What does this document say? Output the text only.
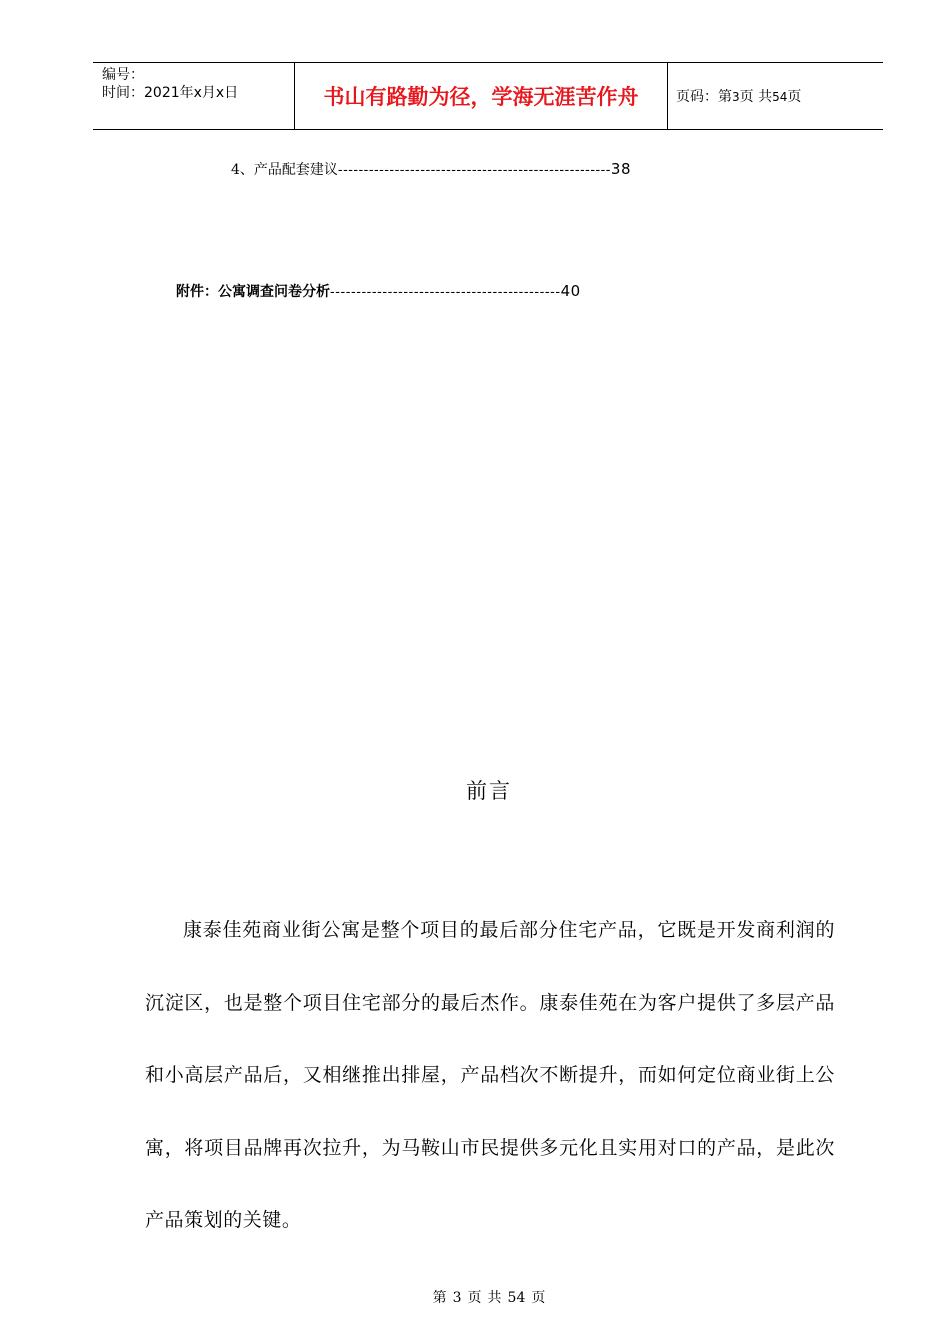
编号：
时间：2021年x月x日	书山有路勤为径，学海无涯苦作舟	页码：第3页 共54页
4、产品配套建议-----------------------------------------------------38
附件：公寓调查问卷分析--------------------------------------------40
前言
康泰佳苑商业街公寓是整个项目的最后部分住宅产品，它既是开发商利润的沉淀区，也是整个项目住宅部分的最后杰作。康泰佳苑在为客户提供了多层产品和小高层产品后，又相继推出排屋，产品档次不断提升，而如何定位商业街上公寓，将项目品牌再次拉升，为马鞍山市民提供多元化且实用对口的产品，是此次产品策划的关键。
第 3 页 共 54 页
